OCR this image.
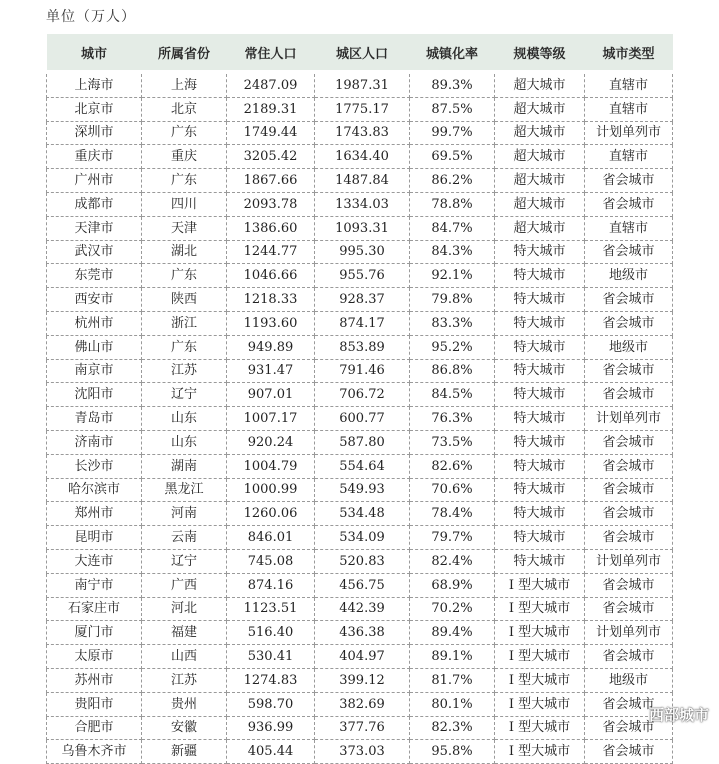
单位（万人）
城市	所属省份	常住人口	城区人口	城镇化率	规模等级	城市类型
上海市	上海	2487.09	1987.31	89.3%	超大城市	直辖市
北京市	北京	2189.31	1775.17	87.5%	超大城市	直辖市
深圳市	广东	1749.44	1743.83	99.7%	超大城市	计划单列市
重庆市	重庆	3205.42	1634.40	69.5%	超大城市	直辖市
广州市	广东	1867.66	1487.84	86.2%	超大城市	省会城市
成都市	四川	2093.78	1334.03	78.8%	超大城市	省会城市
天津市	天津	1386.60	1093.31	84.7%	超大城市	直辖市
武汉市	湖北	1244.77	995.30	84.3%	特大城市	省会城市
东莞市	广东	1046.66	955.76	92.1%	特大城市	地级市
西安市	陕西	1218.33	928.37	79.8%	特大城市	省会城市
杭州市	浙江	1193.60	874.17	83.3%	特大城市	省会城市
佛山市	广东	949.89	853.89	95.2%	特大城市	地级市
南京市	江苏	931.47	791.46	86.8%	特大城市	省会城市
沈阳市	辽宁	907.01	706.72	84.5%	特大城市	省会城市
青岛市	山东	1007.17	600.77	76.3%	特大城市	计划单列市
济南市	山东	920.24	587.80	73.5%	特大城市	省会城市
长沙市	湖南	1004.79	554.64	82.6%	特大城市	省会城市
哈尔滨市	黑龙江	1000.99	549.93	70.6%	特大城市	省会城市
郑州市	河南	1260.06	534.48	78.4%	特大城市	省会城市
昆明市	云南	846.01	534.09	79.7%	特大城市	省会城市
大连市	辽宁	745.08	520.83	82.4%	特大城市	计划单列市
南宁市	广西	874.16	456.75	68.9%	I 型大城市	省会城市
石家庄市	河北	1123.51	442.39	70.2%	I 型大城市	省会城市
厦门市	福建	516.40	436.38	89.4%	I 型大城市	计划单列市
太原市	山西	530.41	404.97	89.1%	I 型大城市	省会城市
苏州市	江苏	1274.83	399.12	81.7%	I 型大城市	地级市
贵阳市	贵州	598.70	382.69	80.1%	I 型大城市	省会城市
合肥市	安徽	936.99	377.76	82.3%	I 型大城市	省会城市
乌鲁木齐市	新疆	405.44	373.03	95.8%	I 型大城市	省会城市
西部城市
